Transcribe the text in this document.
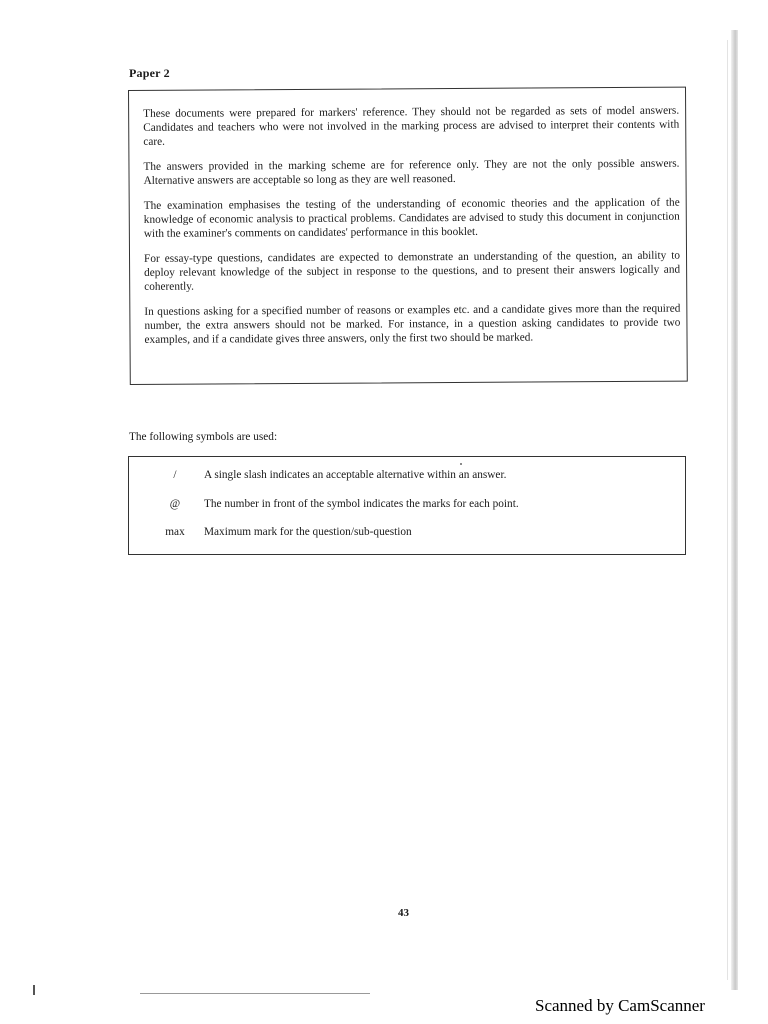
Paper 2

These documents were prepared for markers' reference. They should not be regarded as sets of model answers. Candidates and teachers who were not involved in the marking process are advised to interpret their contents with care.

The answers provided in the marking scheme are for reference only. They are not the only possible answers. Alternative answers are acceptable so long as they are well reasoned.

The examination emphasises the testing of the understanding of economic theories and the application of the knowledge of economic analysis to practical problems. Candidates are advised to study this document in conjunction with the examiner's comments on candidates' performance in this booklet.

For essay-type questions, candidates are expected to demonstrate an understanding of the question, an ability to deploy relevant knowledge of the subject in response to the questions, and to present their answers logically and coherently.

In questions asking for a specified number of reasons or examples etc. and a candidate gives more than the required number, the extra answers should not be marked. For instance, in a question asking candidates to provide two examples, and if a candidate gives three answers, only the first two should be marked.

The following symbols are used:
/	A single slash indicates an acceptable alternative within an answer.
@	The number in front of the symbol indicates the marks for each point.
max	Maximum mark for the question/sub-question
43
Scanned by CamScanner
